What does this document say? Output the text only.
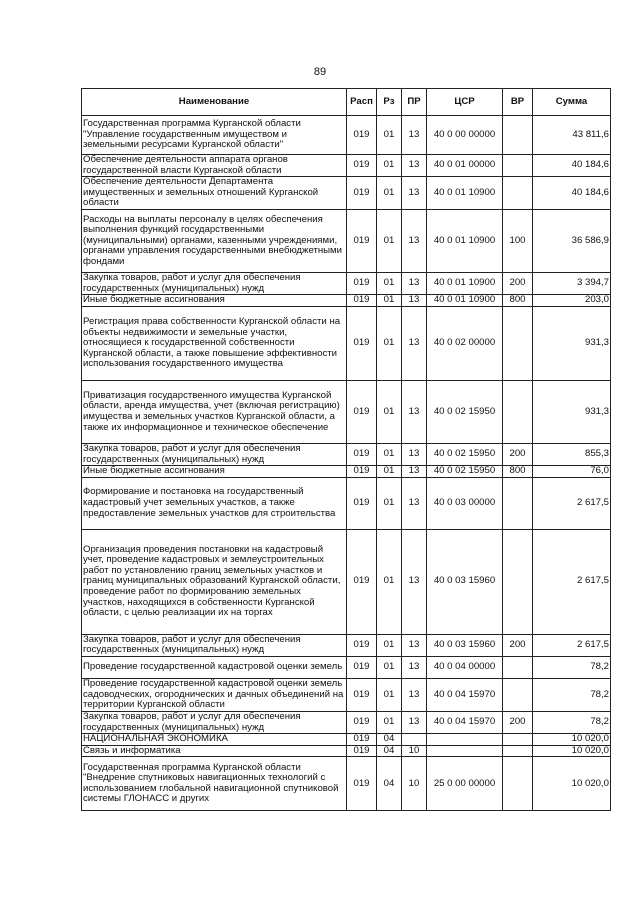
89
Наименование	Расп	Рз	ПР	ЦСР	ВР	Сумма
Государственная программа Курганской области "Управление государственным имуществом и земельными ресурсами Курганской области"	019	01	13	40 0 00 00000		43 811,6
Обеспечение деятельности аппарата органов государственной власти Курганской области	019	01	13	40 0 01 00000		40 184,6
Обеспечение деятельности Департамента имущественных и земельных отношений Курганской области	019	01	13	40 0 01 10900		40 184,6
Расходы на выплаты персоналу в целях обеспечения выполнения функций государственными (муниципальными) органами, казенными учреждениями, органами управления государственными внебюджетными фондами	019	01	13	40 0 01 10900	100	36 586,9
Закупка товаров, работ и услуг для обеспечения государственных (муниципальных) нужд	019	01	13	40 0 01 10900	200	3 394,7
Иные бюджетные ассигнования	019	01	13	40 0 01 10900	800	203,0
Регистрация права собственности Курганской области на объекты недвижимости и земельные участки, относящиеся к государственной собственности Курганской области, а также повышение эффективности использования государственного имущества	019	01	13	40 0 02 00000		931,3
Приватизация государственного имущества Курганской области, аренда имущества, учет (включая регистрацию) имущества и земельных участков Курганской области, а также их информационное и техническое обеспечение	019	01	13	40 0 02 15950		931,3
Закупка товаров, работ и услуг для обеспечения государственных (муниципальных) нужд	019	01	13	40 0 02 15950	200	855,3
Иные бюджетные ассигнования	019	01	13	40 0 02 15950	800	76,0
Формирование и постановка на государственный кадастровый учет земельных участков, а также предоставление земельных участков для строительства	019	01	13	40 0 03 00000		2 617,5
Организация проведения постановки на кадастровый учет, проведение кадастровых и землеустроительных работ по установлению границ земельных участков и границ муниципальных образований Курганской области, проведение работ по формированию земельных участков, находящихся в собственности Курганской области, с целью реализации их на торгах	019	01	13	40 0 03 15960		2 617,5
Закупка товаров, работ и услуг для обеспечения государственных (муниципальных) нужд	019	01	13	40 0 03 15960	200	2 617,5
Проведение государственной кадастровой оценки земель	019	01	13	40 0 04 00000		78,2
Проведение государственной кадастровой оценки земель садоводческих, огороднических и дачных объединений на территории Курганской области	019	01	13	40 0 04 15970		78,2
Закупка товаров, работ и услуг для обеспечения государственных (муниципальных) нужд	019	01	13	40 0 04 15970	200	78,2
НАЦИОНАЛЬНАЯ ЭКОНОМИКА	019	04				10 020,0
Связь и информатика	019	04	10			10 020,0
Государственная программа Курганской области "Внедрение спутниковых навигационных технологий с использованием глобальной навигационной спутниковой системы ГЛОНАСС и других	019	04	10	25 0 00 00000		10 020,0
